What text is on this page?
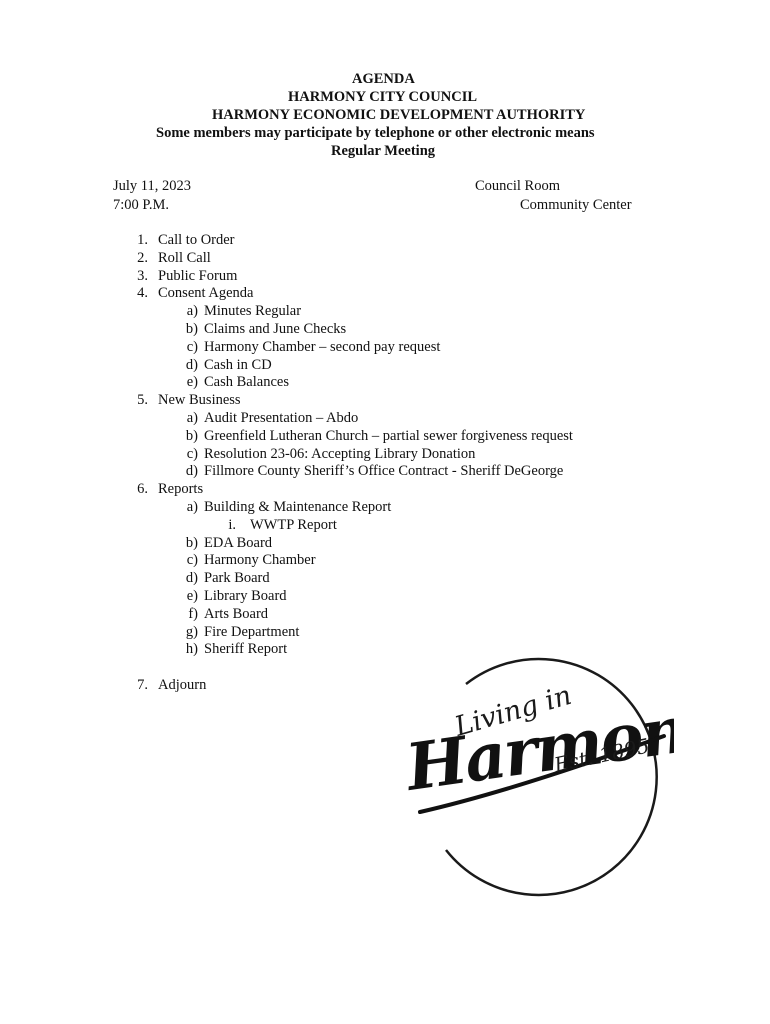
AGENDA
HARMONY CITY COUNCIL
HARMONY ECONOMIC DEVELOPMENT AUTHORITY
Some members may participate by telephone or other electronic means
Regular Meeting
July 11, 2023
7:00 P.M.
Council Room
Community Center
1. Call to Order
2. Roll Call
3. Public Forum
4. Consent Agenda
a) Minutes Regular
b) Claims and June Checks
c) Harmony Chamber – second pay request
d) Cash in CD
e) Cash Balances
5. New Business
a) Audit Presentation – Abdo
b) Greenfield Lutheran Church – partial sewer forgiveness request
c) Resolution 23-06: Accepting Library Donation
d) Fillmore County Sheriff’s Office Contract - Sheriff DeGeorge
6. Reports
a) Building & Maintenance Report
i. WWTP Report
b) EDA Board
c) Harmony Chamber
d) Park Board
e) Library Board
f) Arts Board
g) Fire Department
h) Sheriff Report
7. Adjourn	Living in
Harmony
Est. 1895
